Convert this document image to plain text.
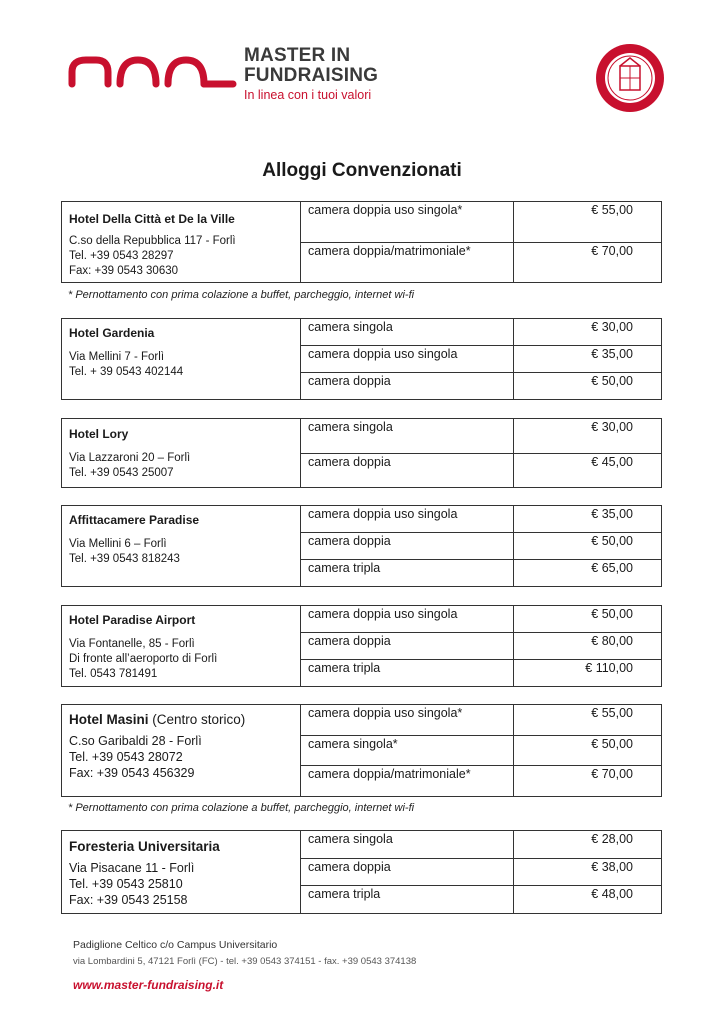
MASTER IN
FUNDRAISING
In linea con i tuoi valori
Alloggi Convenzionati
Hotel Della Città et De la Ville
C.so della Repubblica 117 - Forlì
Tel. +39 0543 28297
Fax: +39 0543 30630
camera doppia uso singola*	€ 55,00
camera doppia/matrimoniale*	€ 70,00
* Pernottamento con prima colazione a buffet, parcheggio, internet wi-fi
Hotel Gardenia
Via Mellini 7 - Forlì
Tel. + 39 0543 402144
camera singola	€ 30,00
camera doppia uso singola	€ 35,00
camera doppia	€ 50,00
Hotel Lory
Via Lazzaroni 20 – Forlì
Tel. +39 0543 25007
camera singola	€ 30,00
camera doppia	€ 45,00
Affittacamere Paradise
Via Mellini 6 – Forlì
Tel. +39 0543 818243
camera doppia uso singola	€ 35,00
camera doppia	€ 50,00
camera tripla	€ 65,00
Hotel Paradise Airport
Via Fontanelle, 85 - Forlì
Di fronte all’aeroporto di Forlì
Tel. 0543 781491
camera doppia uso singola	€ 50,00
camera doppia	€ 80,00
camera tripla	€ 110,00
Hotel Masini (Centro storico)
C.so Garibaldi 28 - Forlì
Tel. +39 0543 28072
Fax: +39 0543 456329
camera doppia uso singola*	€ 55,00
camera singola*	€ 50,00
camera doppia/matrimoniale*	€ 70,00
* Pernottamento con prima colazione a buffet, parcheggio, internet wi-fi
Foresteria Universitaria
Via Pisacane 11 - Forlì
Tel. +39 0543 25810
Fax: +39 0543 25158
camera singola	€ 28,00
camera doppia	€ 38,00
camera tripla	€ 48,00
Padiglione Celtico c/o Campus Universitario
via Lombardini 5, 47121 Forlì (FC) - tel. +39 0543 374151 - fax. +39 0543 374138
www.master-fundraising.it
